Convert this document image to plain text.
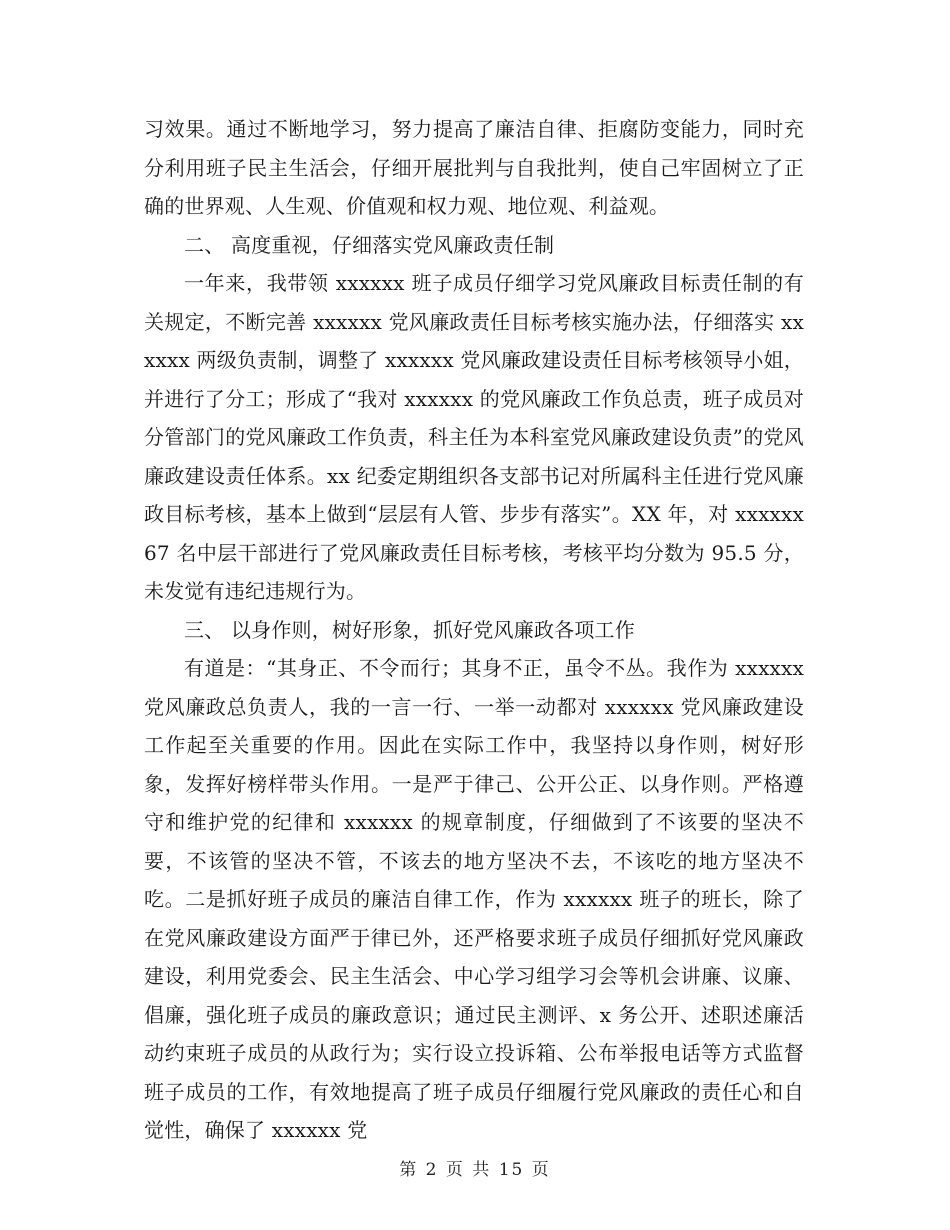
习效果。通过不断地学习，努力提高了廉洁自律、拒腐防变能力，同时充分利用班子民主生活会，仔细开展批判与自我批判，使自己牢固树立了正确的世界观、人生观、价值观和权力观、地位观、利益观。

二、 高度重视，仔细落实党风廉政责任制

一年来，我带领 xxxxxx 班子成员仔细学习党风廉政目标责任制的有关规定，不断完善 xxxxxx 党风廉政责任目标考核实施办法，仔细落实 xxxxxx 两级负责制，调整了 xxxxxx 党风廉政建设责任目标考核领导小姐，并进行了分工；形成了“我对 xxxxxx 的党风廉政工作负总责，班子成员对分管部门的党风廉政工作负责，科主任为本科室党风廉政建设负责”的党风廉政建设责任体系。xx 纪委定期组织各支部书记对所属科主任进行党风廉政目标考核，基本上做到“层层有人管、步步有落实”。XX 年，对 xxxxxx67 名中层干部进行了党风廉政责任目标考核，考核平均分数为 95.5 分，未发觉有违纪违规行为。

三、 以身作则，树好形象，抓好党风廉政各项工作

有道是：“其身正、不令而行；其身不正，虽令不丛。我作为 xxxxxx 党风廉政总负责人，我的一言一行、一举一动都对 xxxxxx 党风廉政建设工作起至关重要的作用。因此在实际工作中，我坚持以身作则，树好形象，发挥好榜样带头作用。一是严于律己、公开公正、以身作则。严格遵守和维护党的纪律和 xxxxxx 的规章制度，仔细做到了不该要的坚决不要，不该管的坚决不管，不该去的地方坚决不去，不该吃的地方坚决不吃。二是抓好班子成员的廉洁自律工作，作为 xxxxxx 班子的班长，除了在党风廉政建设方面严于律已外，还严格要求班子成员仔细抓好党风廉政建设，利用党委会、民主生活会、中心学习组学习会等机会讲廉、议廉、倡廉，强化班子成员的廉政意识；通过民主测评、x 务公开、述职述廉活动约束班子成员的从政行为；实行设立投诉箱、公布举报电话等方式监督班子成员的工作，有效地提高了班子成员仔细履行党风廉政的责任心和自觉性，确保了 xxxxxx 党

第 2 页 共 15 页
